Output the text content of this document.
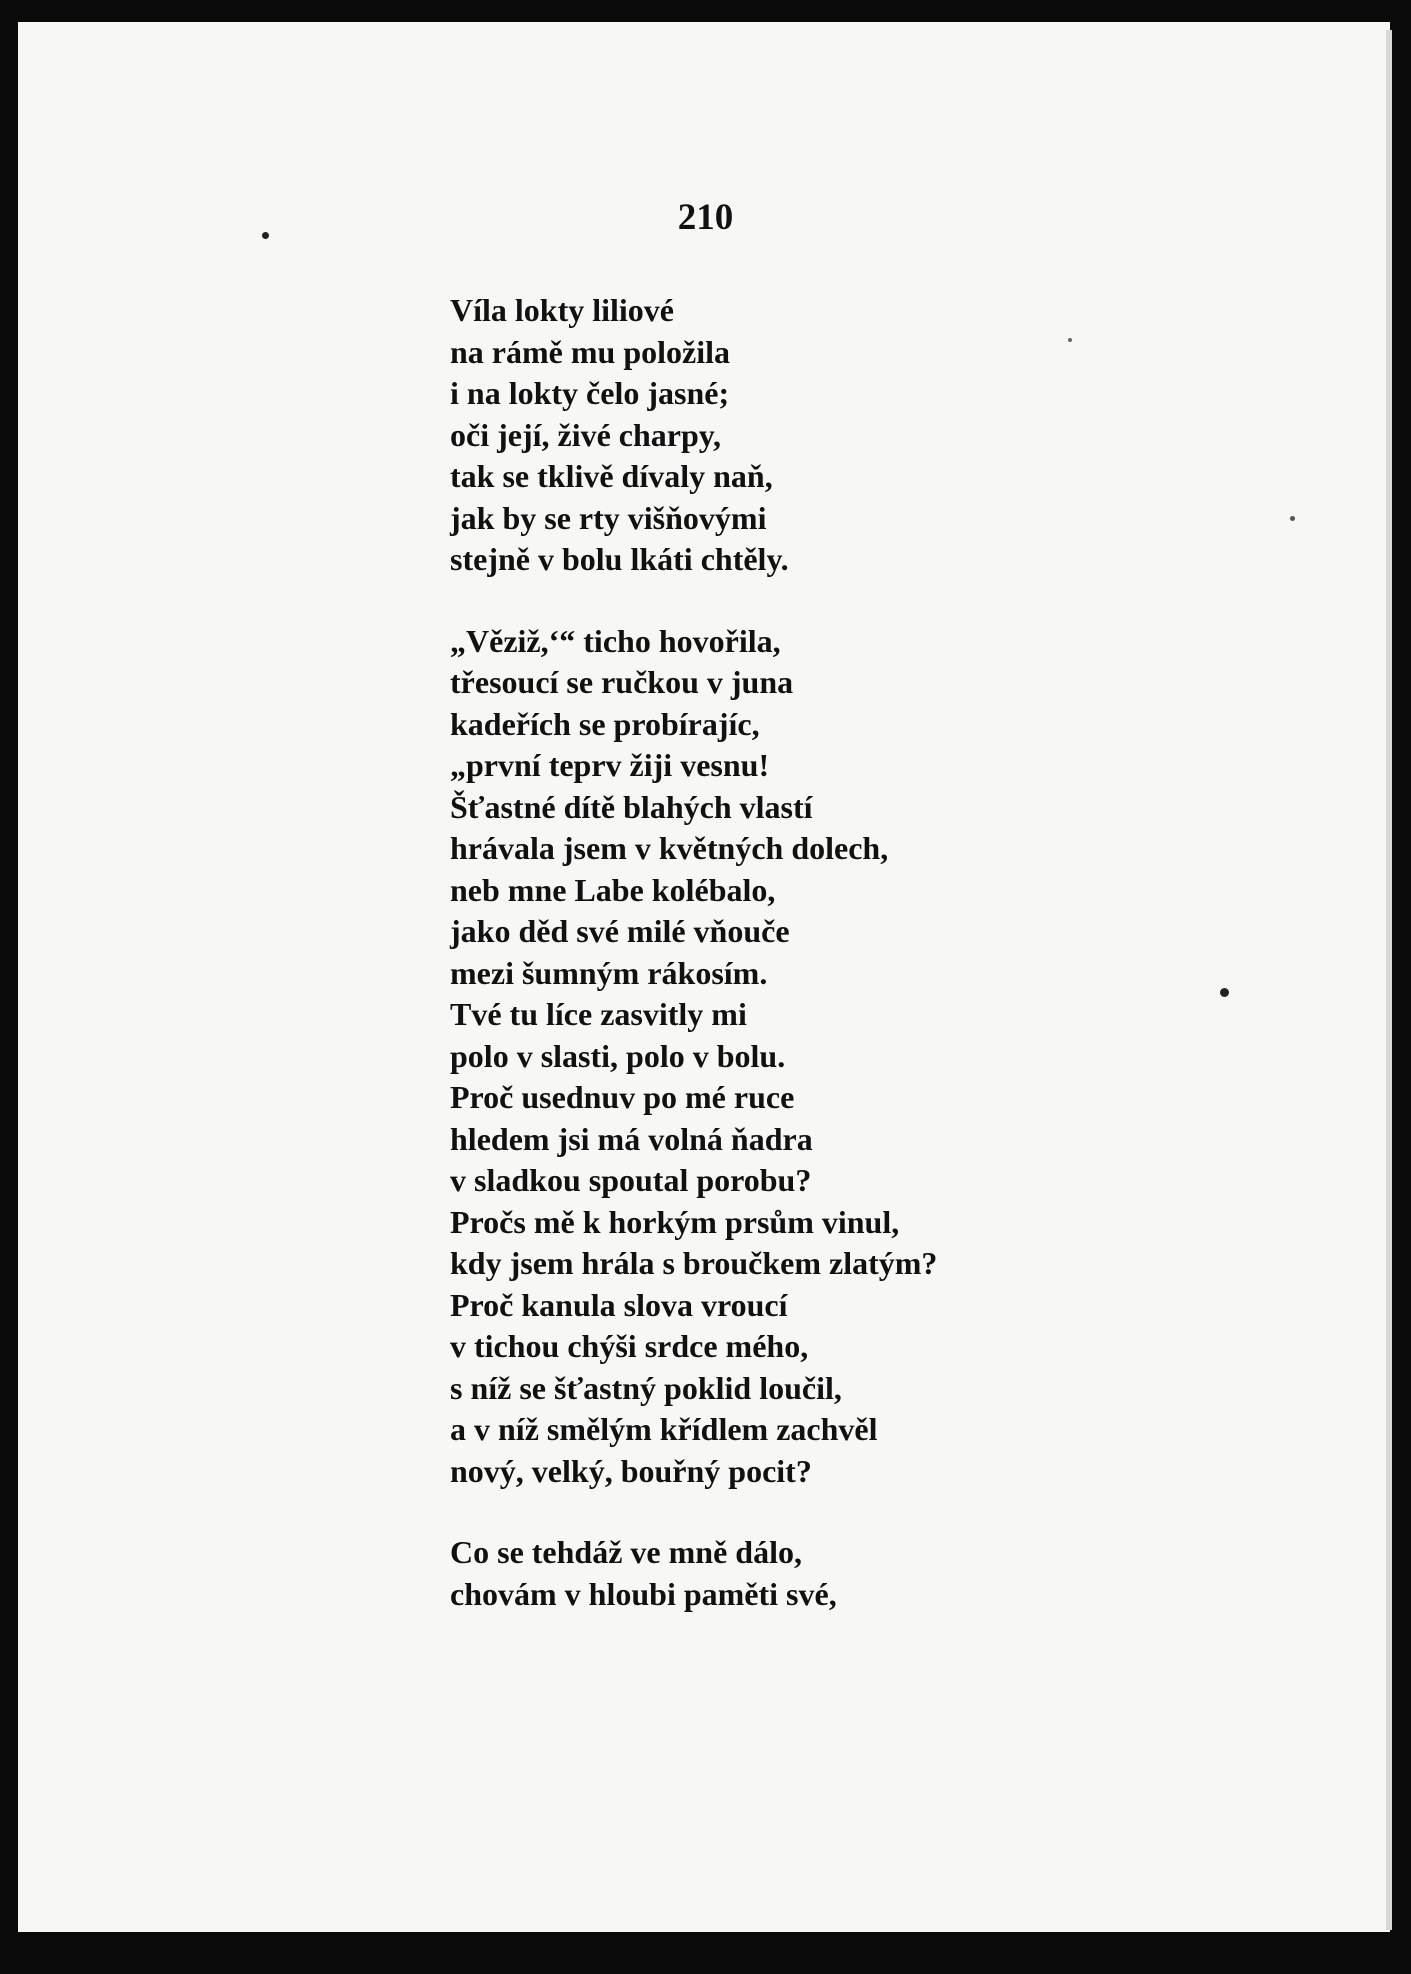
210

Víla lokty liliové
na rámě mu položila
i na lokty čelo jasné;
oči její, živé charpy,
tak se tklivě dívaly naň,
jak by se rty višňovými
stejně v bolu lkáti chtěly.
„Věziž,‘“ ticho hovořila,
třesoucí se ručkou v juna
kadeřích se probírajíc,
„první teprv žiji vesnu!
Šťastné dítě blahých vlastí
hrávala jsem v květných dolech,
neb mne Labe kolébalo,
jako děd své milé vňouče
mezi šumným rákosím.
Tvé tu líce zasvitly mi
polo v slasti, polo v bolu.
Proč usednuv po mé ruce
hledem jsi má volná ňadra
v sladkou spoutal porobu?
Pročs mě k horkým prsům vinul,
kdy jsem hrála s broučkem zlatým?
Proč kanula slova vroucí
v tichou chýši srdce mého,
s níž se šťastný poklid loučil,
a v níž smělým křídlem zachvěl
nový, velký, bouřný pocit?
Co se tehdáž ve mně dálo,
chovám v hloubi paměti své,
